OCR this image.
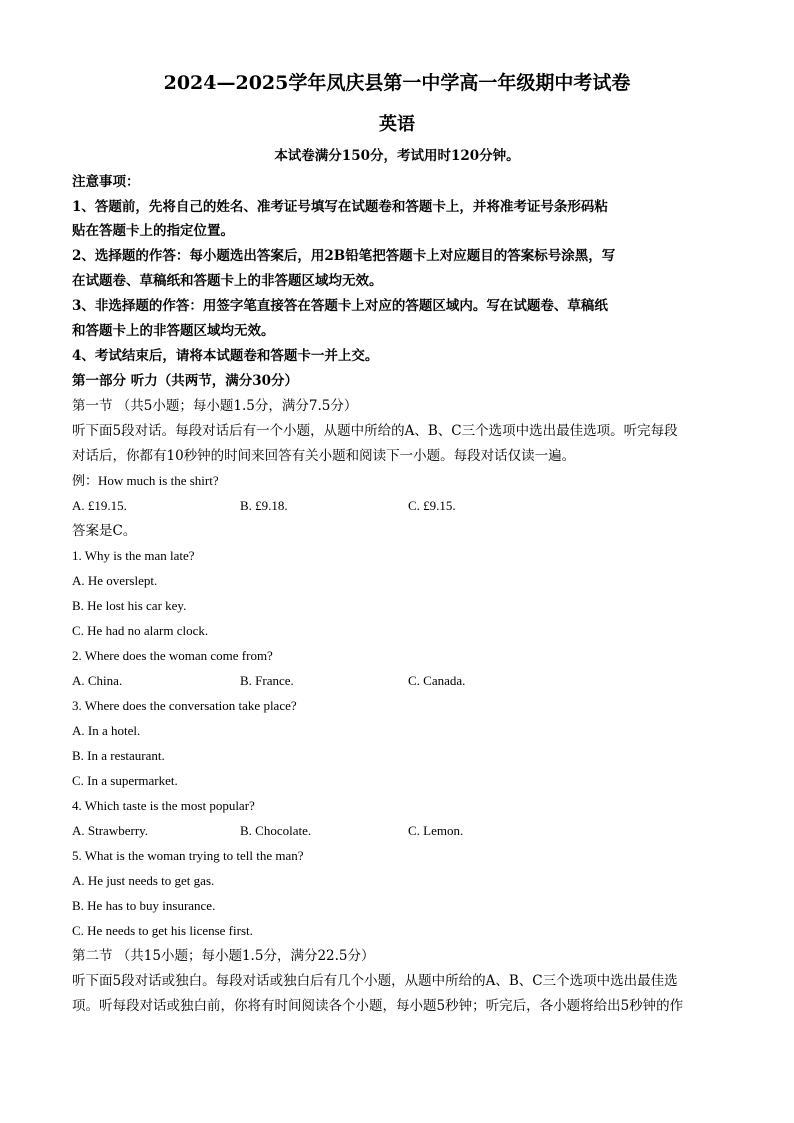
2024—2025学年凤庆县第一中学高一年级期中考试卷
英语
本试卷满分150分，考试用时120分钟。
注意事项：
1、答题前，先将自己的姓名、准考证号填写在试题卷和答题卡上，并将准考证号条形码粘
贴在答题卡上的指定位置。
2、选择题的作答：每小题选出答案后，用2B铅笔把答题卡上对应题目的答案标号涂黑，写
在试题卷、草稿纸和答题卡上的非答题区域均无效。
3、非选择题的作答：用签字笔直接答在答题卡上对应的答题区域内。写在试题卷、草稿纸
和答题卡上的非答题区域均无效。
4、考试结束后，请将本试题卷和答题卡一并上交。
第一部分 听力（共两节，满分30分）
第一节 （共5小题；每小题1.5分，满分7.5分）
听下面5段对话。每段对话后有一个小题，从题中所给的A、B、C三个选项中选出最佳选项。听完每段
对话后，你都有10秒钟的时间来回答有关小题和阅读下一小题。每段对话仅读一遍。
例：How much is the shirt?
A. £19.15.	B. £9.18.	C. £9.15.
答案是C。
1. Why is the man late?
A. He overslept.
B. He lost his car key.
C. He had no alarm clock.
2. Where does the woman come from?
A. China.	B. France.	C. Canada.
3. Where does the conversation take place?
A. In a hotel.
B. In a restaurant.
C. In a supermarket.
4. Which taste is the most popular?
A. Strawberry.	B. Chocolate.	C. Lemon.
5. What is the woman trying to tell the man?
A. He just needs to get gas.
B. He has to buy insurance.
C. He needs to get his license first.
第二节 （共15小题；每小题1.5分，满分22.5分）
听下面5段对话或独白。每段对话或独白后有几个小题，从题中所给的A、B、C三个选项中选出最佳选
项。听每段对话或独白前，你将有时间阅读各个小题，每小题5秒钟；听完后，各小题将给出5秒钟的作
